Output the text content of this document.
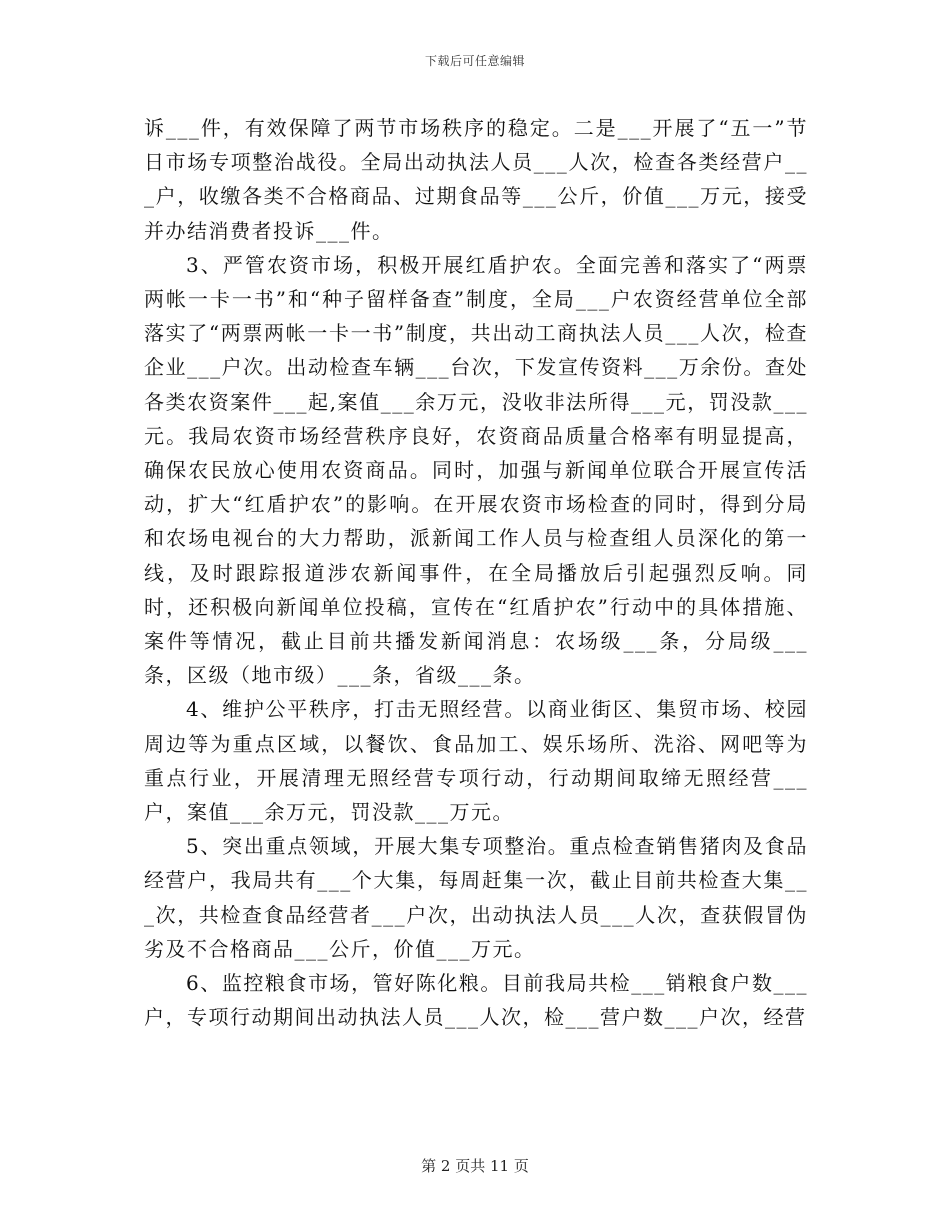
下载后可任意编辑

诉___件，有效保障了两节市场秩序的稳定。二是___开展了“五一”节日市场专项整治战役。全局出动执法人员___人次，检查各类经营户___户，收缴各类不合格商品、过期食品等___公斤，价值___万元，接受并办结消费者投诉___件。

3、严管农资市场，积极开展红盾护农。全面完善和落实了“两票两帐一卡一书”和“种子留样备查”制度，全局___户农资经营单位全部落实了“两票两帐一卡一书”制度，共出动工商执法人员___人次，检查企业___户次。出动检查车辆___台次，下发宣传资料___万余份。查处各类农资案件___起,案值___余万元，没收非法所得___元，罚没款___元。我局农资市场经营秩序良好，农资商品质量合格率有明显提高，确保农民放心使用农资商品。同时，加强与新闻单位联合开展宣传活动，扩大“红盾护农”的影响。在开展农资市场检查的同时，得到分局和农场电视台的大力帮助，派新闻工作人员与检查组人员深化的第一线，及时跟踪报道涉农新闻事件，在全局播放后引起强烈反响。同时，还积极向新闻单位投稿，宣传在“红盾护农”行动中的具体措施、案件等情况，截止目前共播发新闻消息：农场级___条，分局级___条，区级（地市级）___条，省级___条。

4、维护公平秩序，打击无照经营。以商业街区、集贸市场、校园周边等为重点区域，以餐饮、食品加工、娱乐场所、洗浴、网吧等为重点行业，开展清理无照经营专项行动，行动期间取缔无照经营___户，案值___余万元，罚没款___万元。

5、突出重点领域，开展大集专项整治。重点检查销售猪肉及食品经营户，我局共有___个大集，每周赶集一次，截止目前共检查大集___次，共检查食品经营者___户次，出动执法人员___人次，查获假冒伪劣及不合格商品___公斤，价值___万元。

6、监控粮食市场，管好陈化粮。目前我局共检___销粮食户数___户，专项行动期间出动执法人员___人次，检___营户数___户次，经营

第 2 页共 11 页
